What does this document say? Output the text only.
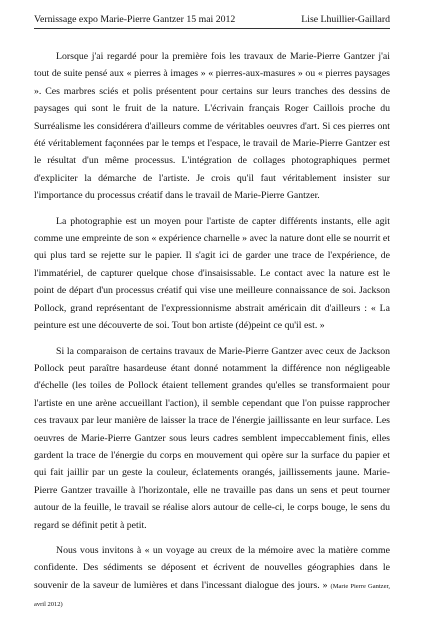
Vernissage expo Marie-Pierre Gantzer 15 mai 2012	Lise Lhuillier-Gaillard

Lorsque j'ai regardé pour la première fois les travaux de Marie-Pierre Gantzer j'ai tout de suite pensé aux « pierres à images » « pierres-aux-masures » ou « pierres paysages ». Ces marbres sciés et polis présentent pour certains sur leurs tranches des dessins de paysages qui sont le fruit de la nature. L'écrivain français Roger Caillois proche du Surréalisme les considérera d'ailleurs comme de véritables oeuvres d'art. Si ces pierres ont été véritablement façonnées par le temps et l'espace, le travail de Marie-Pierre Gantzer est le résultat d'un même processus. L'intégration de collages photographiques permet d'expliciter la démarche de l'artiste. Je crois qu'il faut véritablement insister sur l'importance du processus créatif dans le travail de Marie-Pierre Gantzer.

La photographie est un moyen pour l'artiste de capter différents instants, elle agit comme une empreinte de son « expérience charnelle » avec la nature dont elle se nourrit et qui plus tard se rejette sur le papier. Il s'agit ici de garder une trace de l'expérience, de l'immatériel, de capturer quelque chose d'insaisissable. Le contact avec la nature est le point de départ d'un processus créatif qui vise une meilleure connaissance de soi. Jackson Pollock, grand représentant de l'expressionnisme abstrait américain dit d'ailleurs : « La peinture est une découverte de soi. Tout bon artiste (dé)peint ce qu'il est. »

Si la comparaison de certains travaux de Marie-Pierre Gantzer avec ceux de Jackson Pollock peut paraître hasardeuse étant donné notamment la différence non négligeable d'échelle (les toiles de Pollock étaient tellement grandes qu'elles se transformaient pour l'artiste en une arène accueillant l'action), il semble cependant que l'on puisse rapprocher ces travaux par leur manière de laisser la trace de l'énergie jaillissante en leur surface. Les oeuvres de Marie-Pierre Gantzer sous leurs cadres semblent impeccablement finis, elles gardent la trace de l'énergie du corps en mouvement qui opère sur la surface du papier et qui fait jaillir par un geste la couleur, éclatements orangés, jaillissements jaune. Marie-Pierre Gantzer travaille à l'horizontale, elle ne travaille pas dans un sens et peut tourner autour de la feuille, le travail se réalise alors autour de celle-ci, le corps bouge, le sens du regard se définit petit à petit.

Nous vous invitons à « un voyage au creux de la mémoire avec la matière comme confidente. Des sédiments se déposent et écrivent de nouvelles géographies dans le souvenir de la saveur de lumières et dans l'incessant dialogue des jours. » (Marie Pierre Gantzer, avril 2012)
